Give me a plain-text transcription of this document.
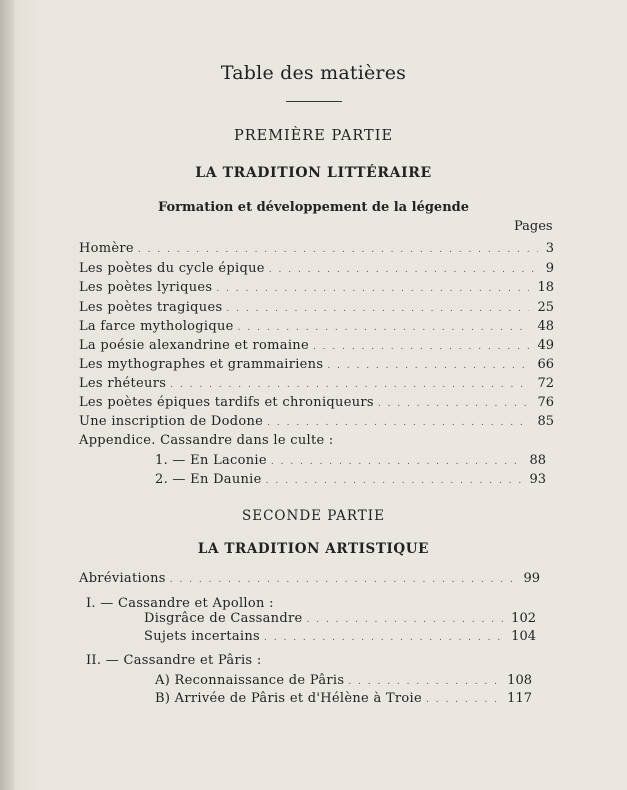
Table des matières
PREMIÈRE PARTIE
LA TRADITION LITTÉRAIRE
Formation et développement de la légende
Pages
Homère . . .	3
Les poètes du cycle épique . . .	9
Les poètes lyriques . . .	18
Les poètes tragiques . . .	25
La farce mythologique . . .	48
La poésie alexandrine et romaine . . .	49
Les mythographes et grammairiens . . .	66
Les rhéteurs . . .	72
Les poètes épiques tardifs et chroniqueurs . . .	76
Une inscription de Dodone . . .	85
Appendice. Cassandre dans le culte :
1. — En Laconie . . .	88
2. — En Daunie . . .	93
SECONDE PARTIE
LA TRADITION ARTISTIQUE
Abréviations . . .	99
I. — Cassandre et Apollon :
Disgrâce de Cassandre . . .	102
Sujets incertains . . .	104
II. — Cassandre et Pâris :
A) Reconnaissance de Pâris . . .	108
B) Arrivée de Pâris et d'Hélène à Troie . . .	117
